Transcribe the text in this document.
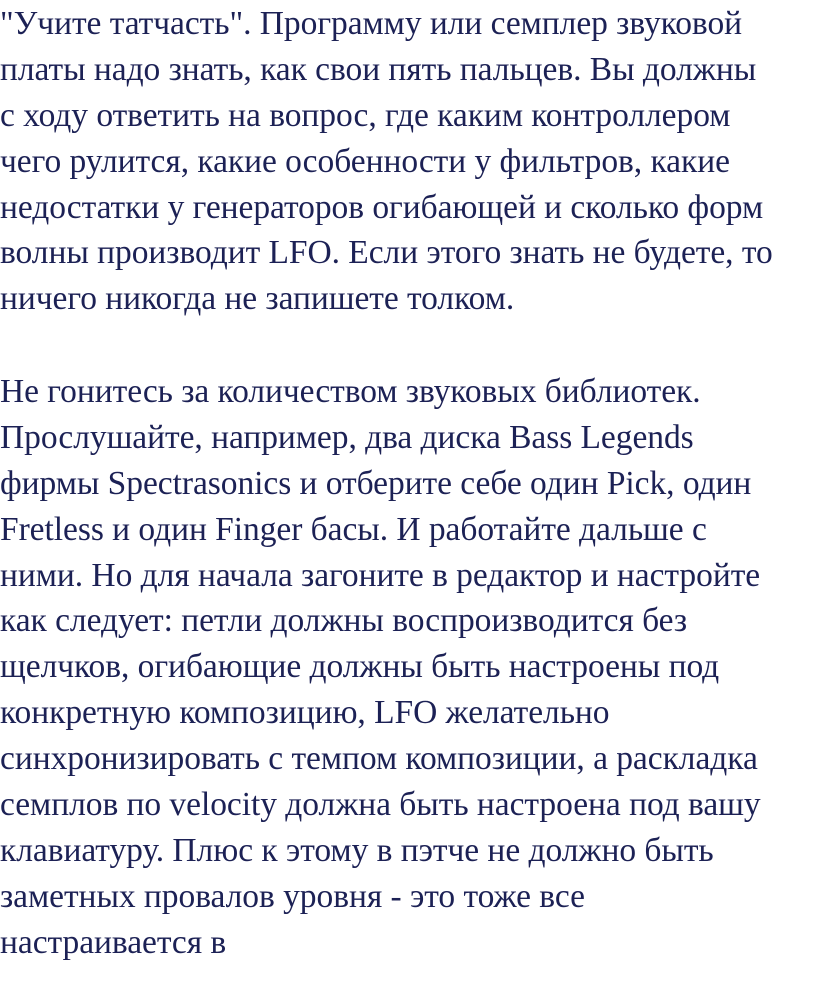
"Учите татчасть". Программу или семплер звуковой
платы надо знать, как свои пять пальцев. Вы должны
с ходу ответить на вопрос, где каким контроллером
чего рулится, какие особенности у фильтров, какие
недостатки у генераторов огибающей и сколько форм
волны производит LFO. Если этого знать не будете, то
ничего никогда не запишете толком.
Не гонитесь за количеством звуковых библиотек.
Прослушайте, например, два диска Bass Legends
фирмы Spectrasonics и отберите себе один Pick, один
Fretless и один Finger басы. И работайте дальше с
ними. Но для начала загоните в редактор и настройте
как следует: петли должны воспроизводится без
щелчков, огибающие должны быть настроены под
конкретную композицию, LFO желательно
синхронизировать с темпом композиции, а раскладка
семплов по velocity должна быть настроена под вашу
клавиатуру. Плюс к этому в пэтче не должно быть
заметных провалов уровня - это тоже все
настраивается в
